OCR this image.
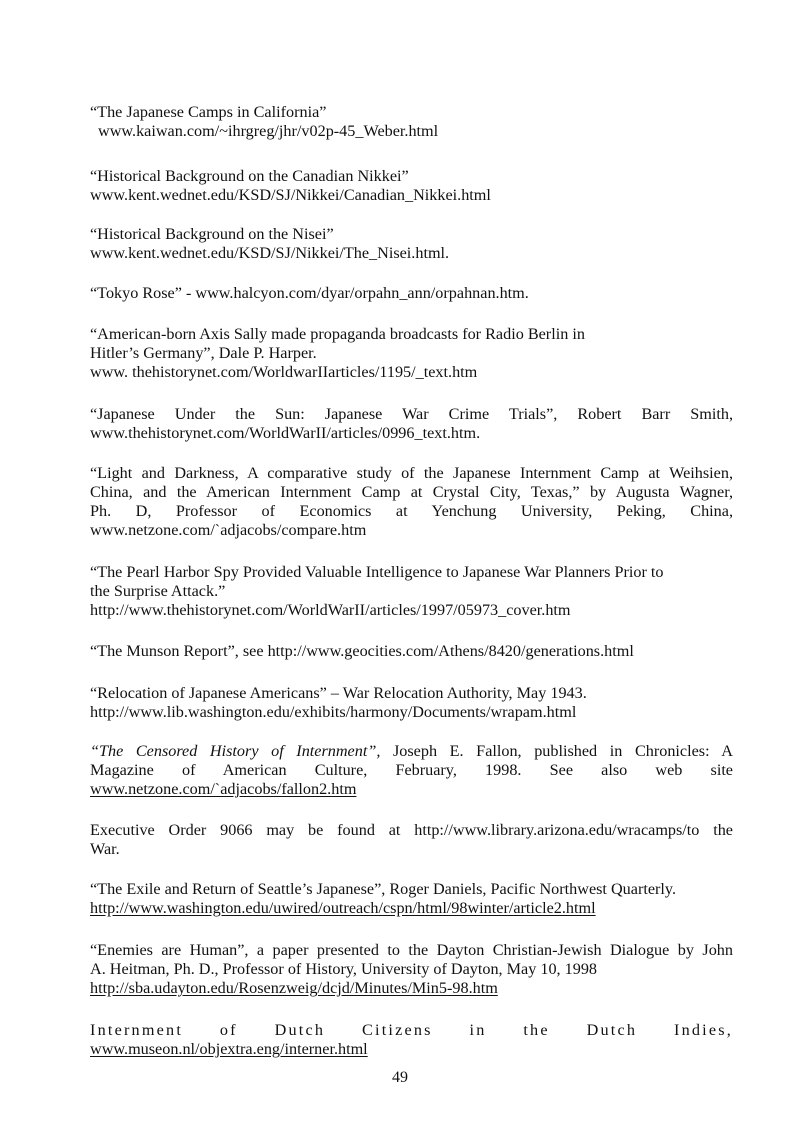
“The Japanese Camps in California”
www.kaiwan.com/~ihrgreg/jhr/v02p-45_Weber.html
“Historical Background on the Canadian Nikkei”
www.kent.wednet.edu/KSD/SJ/Nikkei/Canadian_Nikkei.html
“Historical Background on the Nisei”
www.kent.wednet.edu/KSD/SJ/Nikkei/The_Nisei.html.
“Tokyo Rose” - www.halcyon.com/dyar/orpahn_ann/orpahnan.htm.
“American-born Axis Sally made propaganda broadcasts for Radio Berlin in
Hitler’s Germany”, Dale P. Harper.
www. thehistorynet.com/WorldwarIIarticles/1195/_text.htm
“Japanese Under the Sun: Japanese War Crime Trials”, Robert Barr Smith,
www.thehistorynet.com/WorldWarII/articles/0996_text.htm.
“Light and Darkness, A comparative study of the Japanese Internment Camp at Weihsien,
China, and the American Internment Camp at Crystal City, Texas,” by Augusta Wagner,
Ph. D, Professor of Economics at Yenchung University, Peking, China,
www.netzone.com/`adjacobs/compare.htm
“The Pearl Harbor Spy Provided Valuable Intelligence to Japanese War Planners Prior to
the Surprise Attack.”
http://www.thehistorynet.com/WorldWarII/articles/1997/05973_cover.htm
“The Munson Report”, see http://www.geocities.com/Athens/8420/generations.html
“Relocation of Japanese Americans” – War Relocation Authority, May 1943.
http://www.lib.washington.edu/exhibits/harmony/Documents/wrapam.html
“The Censored History of Internment”, Joseph E. Fallon, published in Chronicles: A
Magazine of American Culture, February, 1998. See also web site
www.netzone.com/`adjacobs/fallon2.htm
Executive Order 9066 may be found at http://www.library.arizona.edu/wracamps/to the
War.
“The Exile and Return of Seattle’s Japanese”, Roger Daniels, Pacific Northwest Quarterly.
http://www.washington.edu/uwired/outreach/cspn/html/98winter/article2.html
“Enemies are Human”, a paper presented to the Dayton Christian-Jewish Dialogue by John
A. Heitman, Ph. D., Professor of History, University of Dayton, May 10, 1998
http://sba.udayton.edu/Rosenzweig/dcjd/Minutes/Min5-98.htm
Internment of Dutch Citizens in the Dutch Indies,
www.museon.nl/objextra.eng/interner.html
49
